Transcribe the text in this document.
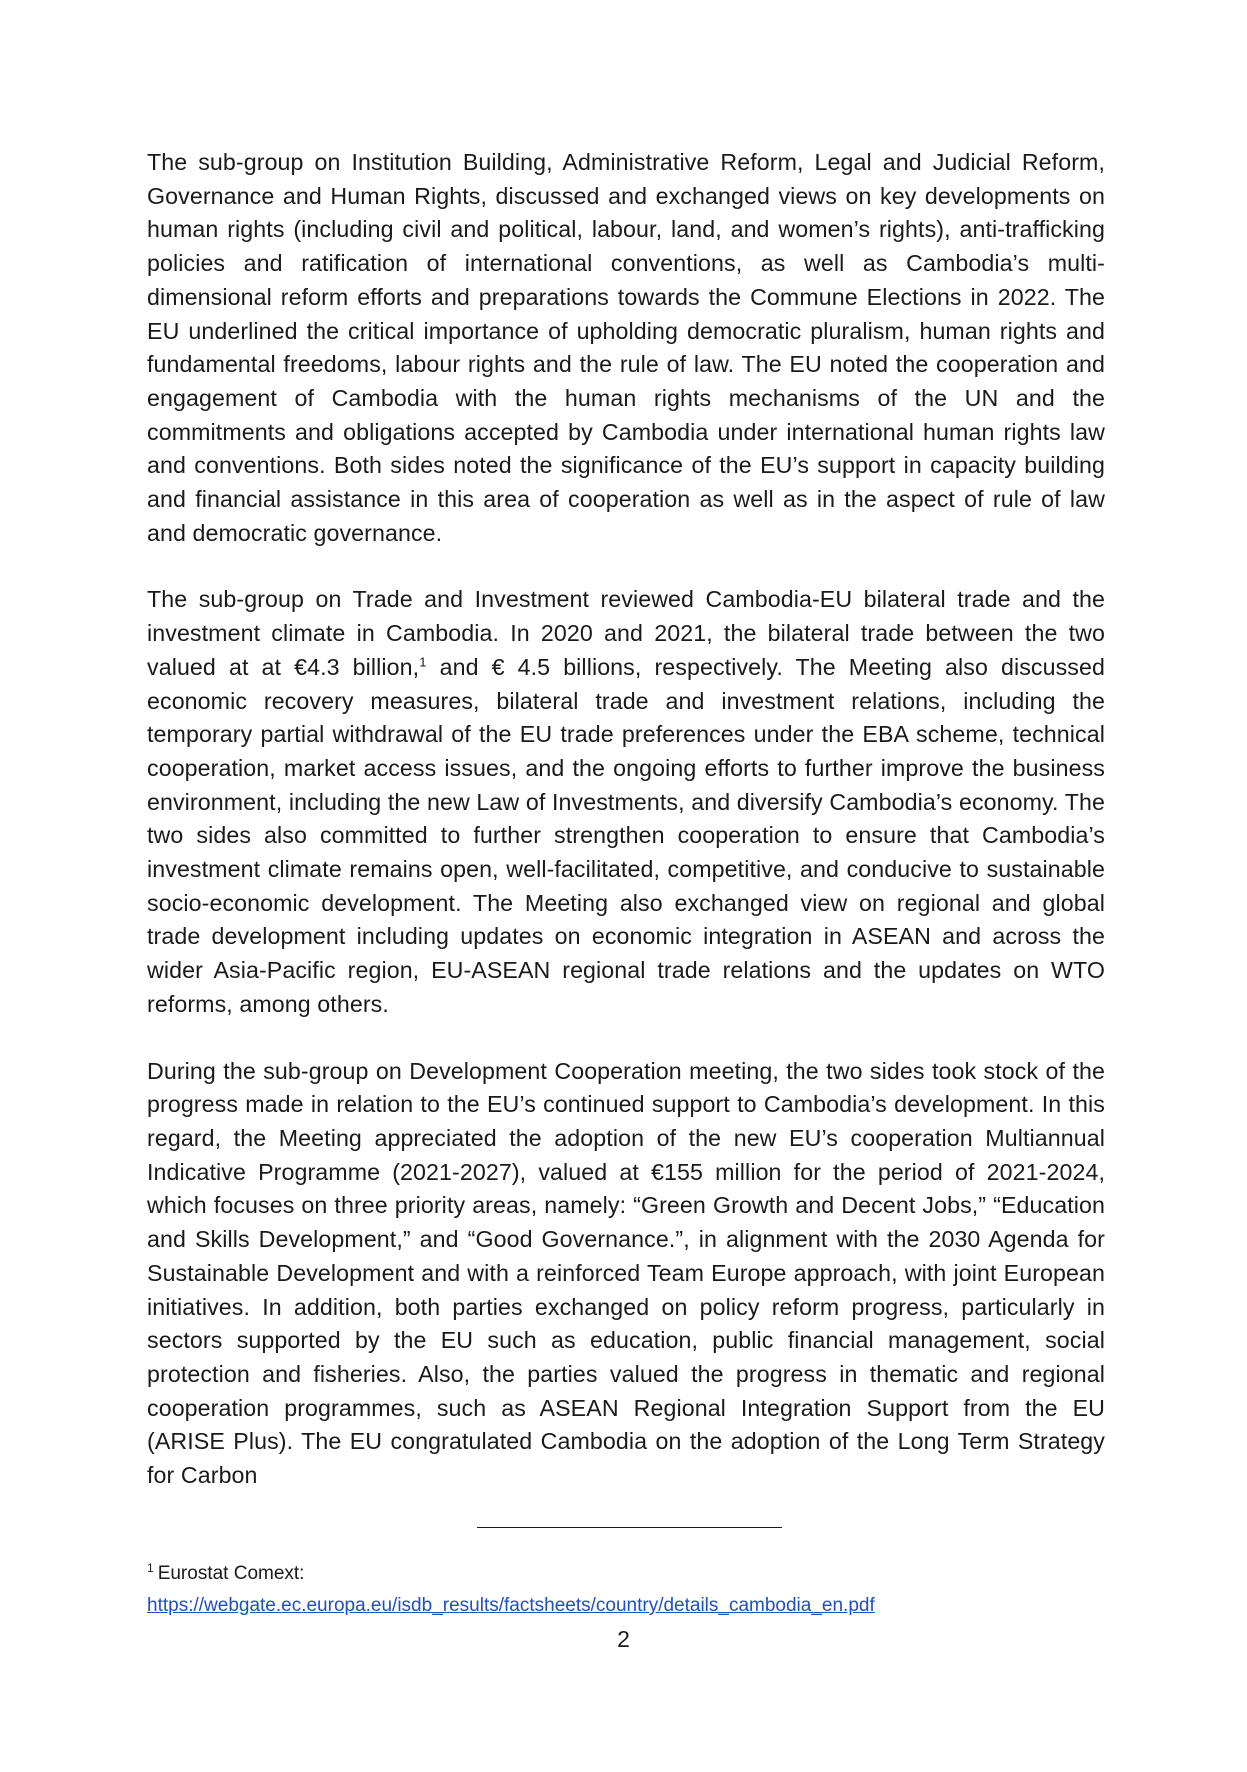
The sub-group on Institution Building, Administrative Reform, Legal and Judicial Reform, Governance and Human Rights, discussed and exchanged views on key developments on human rights (including civil and political, labour, land, and women’s rights), anti-trafficking policies and ratification of international conventions, as well as Cambodia’s multi-dimensional reform efforts and preparations towards the Commune Elections in 2022. The EU underlined the critical importance of upholding democratic pluralism, human rights and fundamental freedoms, labour rights and the rule of law. The EU noted the cooperation and engagement of Cambodia with the human rights mechanisms of the UN and the commitments and obligations accepted by Cambodia under international human rights law and conventions. Both sides noted the significance of the EU’s support in capacity building and financial assistance in this area of cooperation as well as in the aspect of rule of law and democratic governance.

The sub-group on Trade and Investment reviewed Cambodia-EU bilateral trade and the investment climate in Cambodia. In 2020 and 2021, the bilateral trade between the two valued at at €4.3 billion,$^1$ and € 4.5 billions, respectively. The Meeting also discussed economic recovery measures, bilateral trade and investment relations, including the temporary partial withdrawal of the EU trade preferences under the EBA scheme, technical cooperation, market access issues, and the ongoing efforts to further improve the business environment, including the new Law of Investments, and diversify Cambodia’s economy. The two sides also committed to further strengthen cooperation to ensure that Cambodia’s investment climate remains open, well-facilitated, competitive, and conducive to sustainable socio-economic development. The Meeting also exchanged view on regional and global trade development including updates on economic integration in ASEAN and across the wider Asia-Pacific region, EU-ASEAN regional trade relations and the updates on WTO reforms, among others.

During the sub-group on Development Cooperation meeting, the two sides took stock of the progress made in relation to the EU’s continued support to Cambodia’s development. In this regard, the Meeting appreciated the adoption of the new EU’s cooperation Multiannual Indicative Programme (2021-2027), valued at €155 million for the period of 2021-2024, which focuses on three priority areas, namely: “Green Growth and Decent Jobs,” “Education and Skills Development,” and “Good Governance.”, in alignment with the 2030 Agenda for Sustainable Development and with a reinforced Team Europe approach, with joint European initiatives. In addition, both parties exchanged on policy reform progress, particularly in sectors supported by the EU such as education, public financial management, social protection and fisheries. Also, the parties valued the progress in thematic and regional cooperation programmes, such as ASEAN Regional Integration Support from the EU (ARISE Plus). The EU congratulated Cambodia on the adoption of the Long Term Strategy for Carbon

$^1$ Eurostat Comext:
https://webgate.ec.europa.eu/isdb_results/factsheets/country/details_cambodia_en.pdf
2
